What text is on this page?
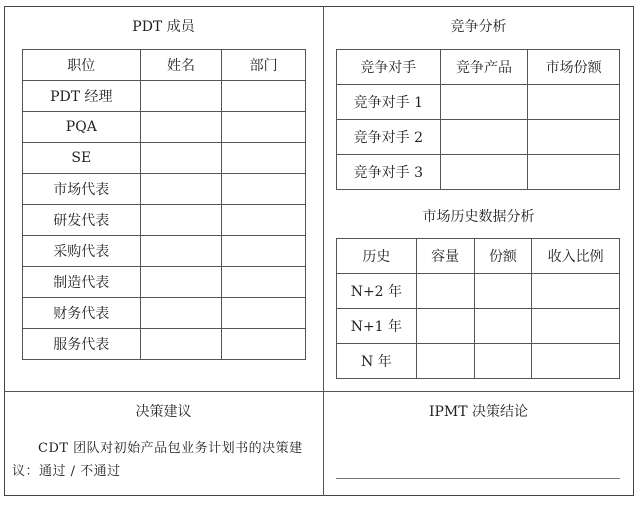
PDT 成员
职位	姓名	部门
PDT 经理		
PQA		
SE		
市场代表		
研发代表		
采购代表		
制造代表		
财务代表		
服务代表		
竞争分析
竞争对手	竞争产品	市场份额
竞争对手 1		
竞争对手 2		
竞争对手 3		
市场历史数据分析
历史	容量	份额	收入比例
N+2 年			
N+1 年			
N 年			
决策建议
CDT 团队对初始产品包业务计划书的决策建议：通过 / 不通过
IPMT 决策结论
